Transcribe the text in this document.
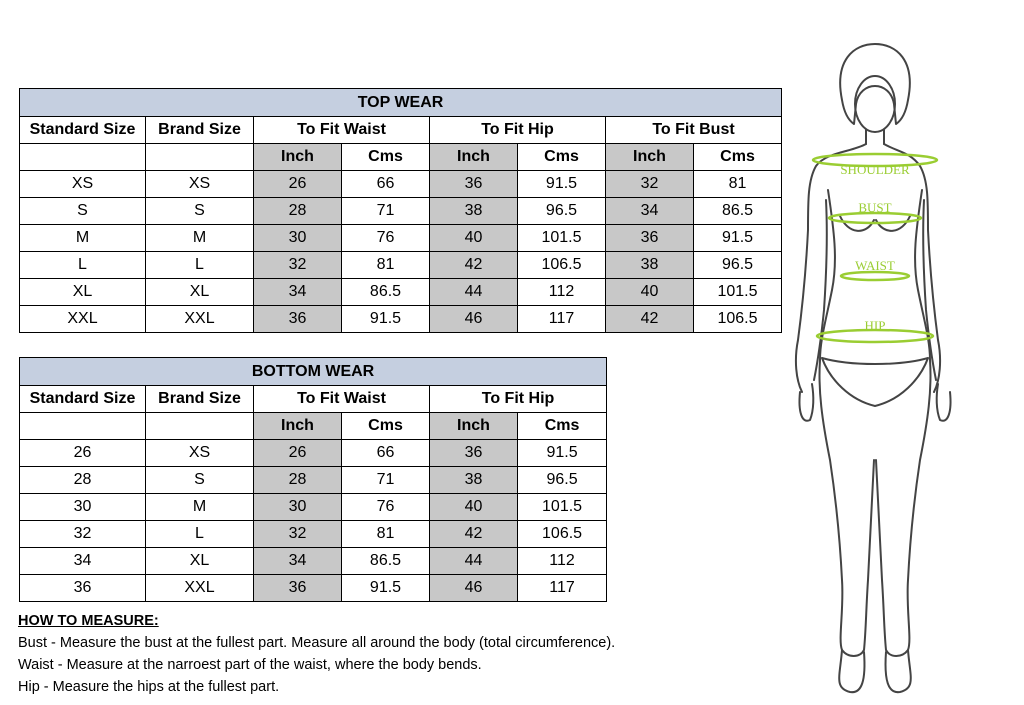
TOP WEAR							
Standard Size	Brand Size	To Fit Waist		To Fit Hip		To Fit Bust	
		Inch	Cms	Inch	Cms	Inch	Cms
XS	XS	26	66	36	91.5	32	81
S	S	28	71	38	96.5	34	86.5
M	M	30	76	40	101.5	36	91.5
L	L	32	81	42	106.5	38	96.5
XL	XL	34	86.5	44	112	40	101.5
XXL	XXL	36	91.5	46	117	42	106.5
BOTTOM WEAR					
Standard Size	Brand Size	To Fit Waist		To Fit Hip	
		Inch	Cms	Inch	Cms
26	XS	26	66	36	91.5
28	S	28	71	38	96.5
30	M	30	76	40	101.5
32	L	32	81	42	106.5
34	XL	34	86.5	44	112
36	XXL	36	91.5	46	117
HOW TO MEASURE:
Bust - Measure the bust at the fullest part. Measure all around the body (total circumference).
Waist - Measure at the narroest part of the waist, where the body bends.
Hip - Measure the hips at the fullest part.
SHOULDER
BUST
WAIST
HIP
